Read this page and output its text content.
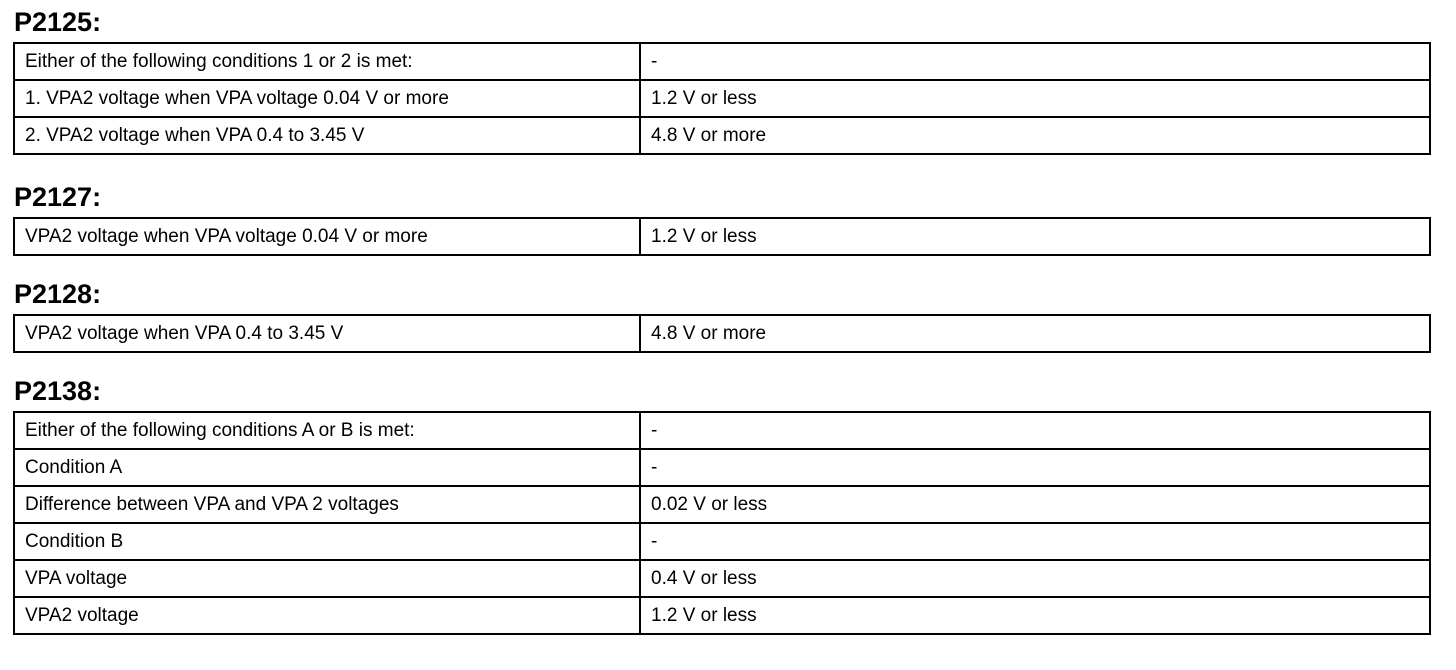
P2125:
Either of the following conditions 1 or 2 is met:	-
1. VPA2 voltage when VPA voltage 0.04 V or more	1.2 V or less
2. VPA2 voltage when VPA 0.4 to 3.45 V	4.8 V or more
P2127:
VPA2 voltage when VPA voltage 0.04 V or more	1.2 V or less
P2128:
VPA2 voltage when VPA 0.4 to 3.45 V	4.8 V or more
P2138:
Either of the following conditions A or B is met:	-
Condition A	-
Difference between VPA and VPA 2 voltages	0.02 V or less
Condition B	-
VPA voltage	0.4 V or less
VPA2 voltage	1.2 V or less
